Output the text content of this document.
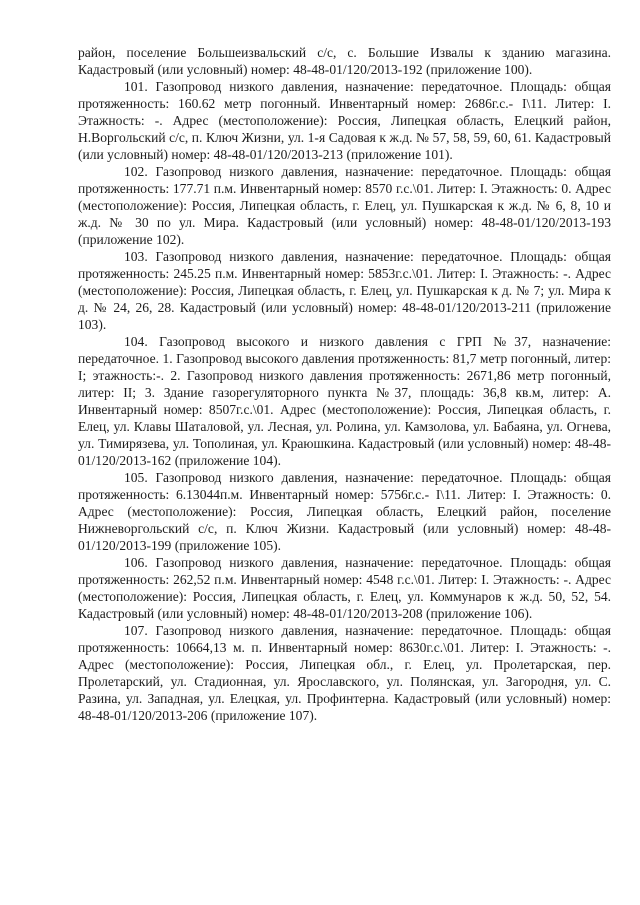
район, поселение Большеизвальский с/с, с. Большие Извалы к зданию магазина. Кадастровый (или условный) номер: 48-48-01/120/2013-192 (приложение 100).

101. Газопровод низкого давления, назначение: передаточное. Площадь: общая протяженность: 160.62 метр погонный. Инвентарный номер: 2686г.с.- I\11. Литер: I. Этажность: -. Адрес (местоположение): Россия, Липецкая область, Елецкий район, Н.Воргольский с/с, п. Ключ Жизни, ул. 1-я Садовая к ж.д. № 57, 58, 59, 60, 61. Кадастровый (или условный) номер: 48-48-01/120/2013-213 (приложение 101).

102. Газопровод низкого давления, назначение: передаточное. Площадь: общая протяженность: 177.71 п.м. Инвентарный номер: 8570 г.с.\01. Литер: I. Этажность: 0. Адрес (местоположение): Россия, Липецкая область, г. Елец, ул. Пушкарская к ж.д. № 6, 8, 10 и ж.д. № 30 по ул. Мира. Кадастровый (или условный) номер: 48-48-01/120/2013-193 (приложение 102).

103. Газопровод низкого давления, назначение: передаточное. Площадь: общая протяженность: 245.25 п.м. Инвентарный номер: 5853г.с.\01. Литер: I. Этажность: -. Адрес (местоположение): Россия, Липецкая область, г. Елец, ул. Пушкарская к д. № 7; ул. Мира к д. № 24, 26, 28. Кадастровый (или условный) номер: 48-48-01/120/2013-211 (приложение 103).

104. Газопровод высокого и низкого давления с ГРП №37, назначение: передаточное. 1. Газопровод высокого давления протяженность: 81,7 метр погонный, литер: I; этажность:-. 2. Газопровод низкого давления протяженность: 2671,86 метр погонный, литер: II; 3. Здание газорегуляторного пункта №37, площадь: 36,8 кв.м, литер: А. Инвентарный номер: 8507г.с.\01. Адрес (местоположение): Россия, Липецкая область, г. Елец, ул. Клавы Шаталовой, ул. Лесная, ул. Ролина, ул. Камзолова, ул. Бабаяна, ул. Огнева, ул. Тимирязева, ул. Тополиная, ул. Краюшкина. Кадастровый (или условный) номер: 48-48-01/120/2013-162 (приложение 104).

105. Газопровод низкого давления, назначение: передаточное. Площадь: общая протяженность: 6.13044п.м. Инвентарный номер: 5756г.с.- I\11. Литер: I. Этажность: 0. Адрес (местоположение): Россия, Липецкая область, Елецкий район, поселение Нижневоргольский с/с, п. Ключ Жизни. Кадастровый (или условный) номер: 48-48-01/120/2013-199 (приложение 105).

106. Газопровод низкого давления, назначение: передаточное. Площадь: общая протяженность: 262,52 п.м. Инвентарный номер: 4548 г.с.\01. Литер: I. Этажность: -. Адрес (местоположение): Россия, Липецкая область, г. Елец, ул. Коммунаров к ж.д. 50, 52, 54. Кадастровый (или условный) номер: 48-48-01/120/2013-208 (приложение 106).

107. Газопровод низкого давления, назначение: передаточное. Площадь: общая протяженность: 10664,13 м. п. Инвентарный номер: 8630г.с.\01. Литер: I. Этажность: -. Адрес (местоположение): Россия, Липецкая обл., г. Елец, ул. Пролетарская, пер. Пролетарский, ул. Стадионная, ул. Ярославского, ул. Полянская, ул. Загородня, ул. С. Разина, ул. Западная, ул. Елецкая, ул. Профинтерна. Кадастровый (или условный) номер: 48-48-01/120/2013-206 (приложение 107).
